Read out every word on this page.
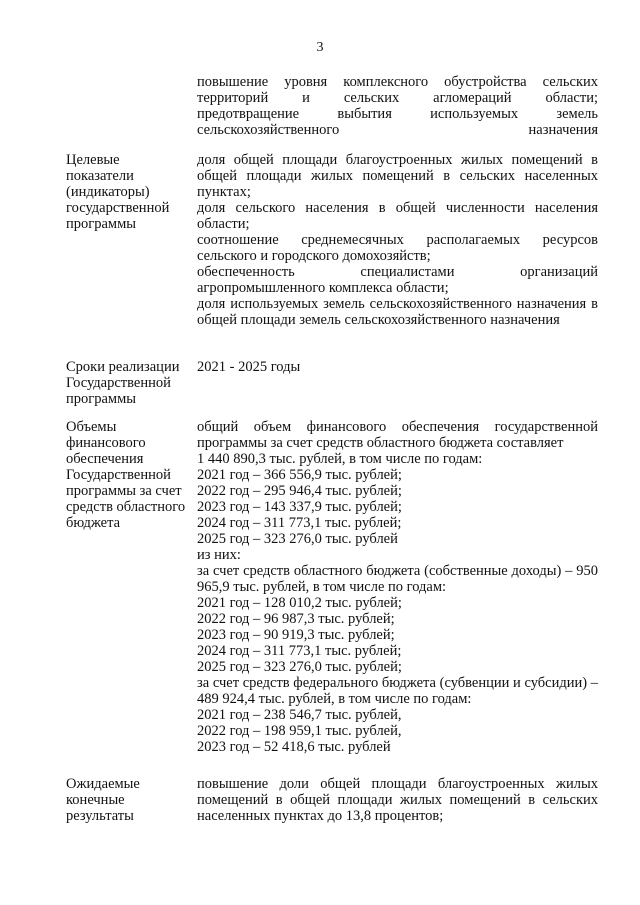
3

повышение уровня комплексного обустройства сельских территорий и сельских агломераций области;

предотвращение выбытия используемых земель сельскохозяйственного назначения

Целевые показатели (индикаторы) государственной программы

доля общей площади благоустроенных жилых помещений в общей площади жилых помещений в сельских населенных пунктах;

доля сельского населения в общей численности населения области;

соотношение среднемесячных располагаемых ресурсов сельского и городского домохозяйств;

обеспеченность специалистами организаций агропромышленного комплекса области;

доля используемых земель сельскохозяйственного назначения в общей площади земель сельскохозяйственного назначения

Сроки реализации Государственной программы

2021 - 2025 годы

Объемы финансового обеспечения Государственной программы за счет средств областного бюджета

общий объем финансового обеспечения государственной программы за счет средств областного бюджета составляет

1 440 890,3 тыс. рублей, в том числе по годам:

2021 год – 366 556,9 тыс. рублей;

2022 год – 295 946,4 тыс. рублей;

2023 год – 143 337,9 тыс. рублей;

2024 год – 311 773,1 тыс. рублей;

2025 год – 323 276,0 тыс. рублей

из них:

за счет средств областного бюджета (собственные доходы) – 950 965,9 тыс. рублей, в том числе по годам:

2021 год – 128 010,2 тыс. рублей;

2022 год – 96 987,3 тыс. рублей;

2023 год – 90 919,3 тыс. рублей;

2024 год – 311 773,1 тыс. рублей;

2025 год – 323 276,0 тыс. рублей;

за счет средств федерального бюджета (субвенции и субсидии) – 489 924,4 тыс. рублей, в том числе по годам:

2021 год – 238 546,7 тыс. рублей,

2022 год – 198 959,1 тыс. рублей,

2023 год – 52 418,6 тыс. рублей

Ожидаемые конечные результаты

повышение доли общей площади благоустроенных жилых помещений в общей площади жилых помещений в сельских населенных пунктах до 13,8 процентов;
